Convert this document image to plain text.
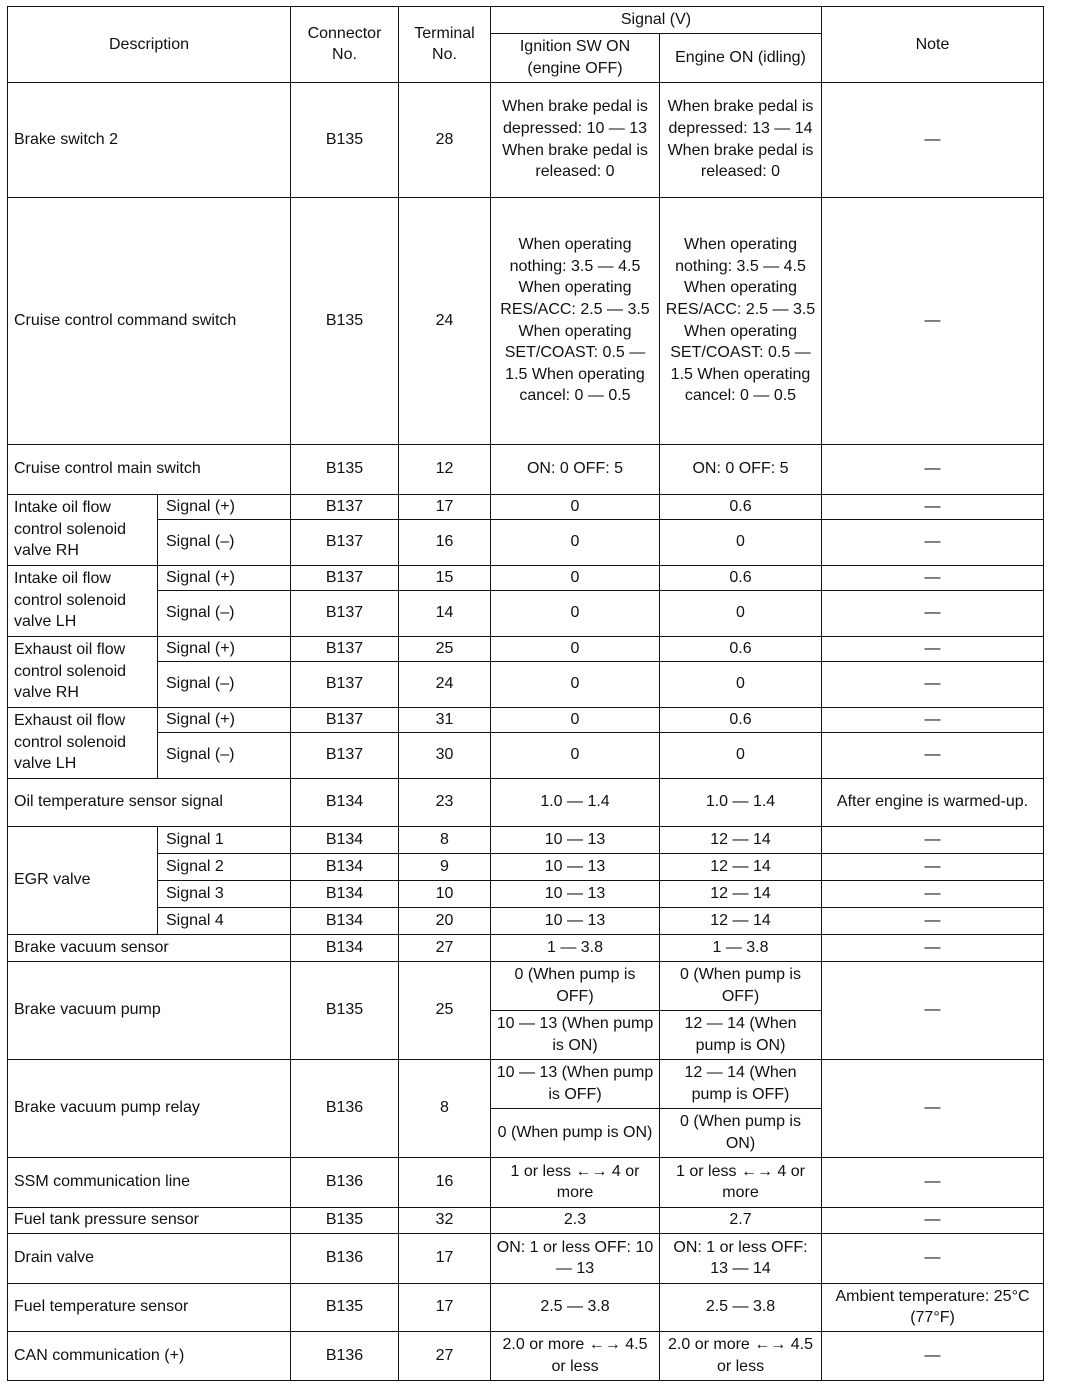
Description		Connector No.	Terminal No.	Signal (V)		Note
				Ignition SW ON (engine OFF)	Engine ON (idling)	
Brake switch 2		B135	28	When brake pedal is depressed: 10 — 13 When brake pedal is released: 0	When brake pedal is depressed: 13 — 14 When brake pedal is released: 0	—
Cruise control command switch		B135	24	When operating nothing: 3.5 — 4.5 When operating RES/ACC: 2.5 — 3.5 When operating SET/COAST: 0.5 — 1.5 When operating cancel: 0 — 0.5	When operating nothing: 3.5 — 4.5 When operating RES/ACC: 2.5 — 3.5 When operating SET/COAST: 0.5 — 1.5 When operating cancel: 0 — 0.5	—
Cruise control main switch		B135	12	ON: 0 OFF: 5	ON: 0 OFF: 5	—
Intake oil flow control solenoid valve RH	Signal (+)	B137	17	0	0.6	—
	Signal (–)	B137	16	0	0	—
Intake oil flow control solenoid valve LH	Signal (+)	B137	15	0	0.6	—
	Signal (–)	B137	14	0	0	—
Exhaust oil flow control solenoid valve RH	Signal (+)	B137	25	0	0.6	—
	Signal (–)	B137	24	0	0	—
Exhaust oil flow control solenoid valve LH	Signal (+)	B137	31	0	0.6	—
	Signal (–)	B137	30	0	0	—
Oil temperature sensor signal		B134	23	1.0 — 1.4	1.0 — 1.4	After engine is warmed-up.
EGR valve	Signal 1	B134	8	10 — 13	12 — 14	—
	Signal 2	B134	9	10 — 13	12 — 14	—
	Signal 3	B134	10	10 — 13	12 — 14	—
	Signal 4	B134	20	10 — 13	12 — 14	—
Brake vacuum sensor		B134	27	1 — 3.8	1 — 3.8	—
Brake vacuum pump		B135	25	0 (When pump is OFF)	0 (When pump is OFF)	—
				10 — 13 (When pump is ON)	12 — 14 (When pump is ON)	
Brake vacuum pump relay		B136	8	10 — 13 (When pump is OFF)	12 — 14 (When pump is OFF)	—
				0 (When pump is ON)	0 (When pump is ON)	
SSM communication line		B136	16	1 or less ←→ 4 or more	1 or less ←→ 4 or more	—
Fuel tank pressure sensor		B135	32	2.3	2.7	—
Drain valve		B136	17	ON: 1 or less OFF: 10 — 13	ON: 1 or less OFF: 13 — 14	—
Fuel temperature sensor		B135	17	2.5 — 3.8	2.5 — 3.8	Ambient temperature: 25°C (77°F)
CAN communication (+)		B136	27	2.0 or more ←→ 4.5 or less	2.0 or more ←→ 4.5 or less	—
